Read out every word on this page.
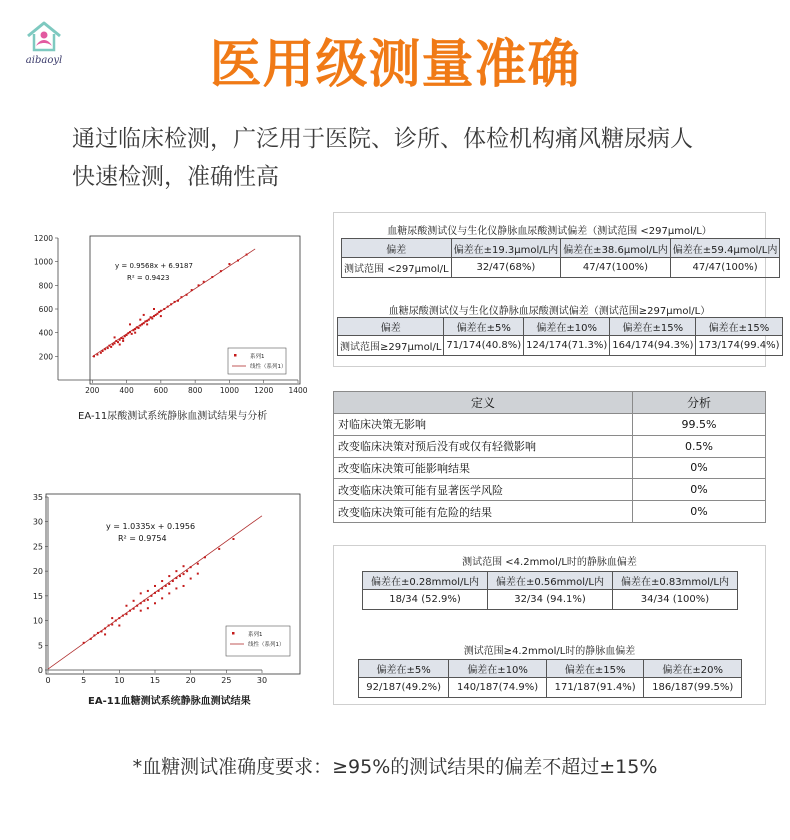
aibaoyl	医用级测量准确
通过临床检测，广泛用于医院、诊所、体检机构痛风糖尿病人
快速检测，准确性高
200	400	600	800 1000 1200 1400
200
400
600
800
1000
1200
y = 0.9568x + 6.9187
R² = 0.9423
系列1
线性（系列1）
EA-11尿酸测试系统静脉血测试结果与分析
0	5	10	15	20	25	30
0
5
10
15
20
25
30
35
y = 1.0335x + 0.1956
R² = 0.9754
系列1
线性（系列1）
EA-11血糖测试系统静脉血测试结果
血糖尿酸测试仪与生化仪静脉血尿酸测试偏差（测试范围 <297μmol/L）
偏差	偏差在±19.3μmol/L内	偏差在±38.6μmol/L内	偏差在±59.4μmol/L内
测试范围 <297μmol/L	32/47(68%)	47/47(100%)	47/47(100%)
血糖尿酸测试仪与生化仪静脉血尿酸测试偏差（测试范围≥297μmol/L）
偏差	偏差在±5%	偏差在±10%	偏差在±15%	偏差在±15%
测试范围≥297μmol/L	71/174(40.8%)	124/174(71.3%)	164/174(94.3%)	173/174(99.4%)
定义	分析
对临床决策无影响	99.5%
改变临床决策对预后没有或仅有轻微影响	0.5%
改变临床决策可能影响结果	0%
改变临床决策可能有显著医学风险	0%
改变临床决策可能有危险的结果	0%
测试范围 <4.2mmol/L时的静脉血偏差
偏差在±0.28mmol/L内	偏差在±0.56mmol/L内	偏差在±0.83mmol/L内
18/34 (52.9%)	32/34 (94.1%)	34/34 (100%)
测试范围≥4.2mmol/L时的静脉血偏差
偏差在±5%	偏差在±10%	偏差在±15%	偏差在±20%
92/187(49.2%)	140/187(74.9%)	171/187(91.4%)	186/187(99.5%)
*血糖测试准确度要求：≥95%的测试结果的偏差不超过±15%
